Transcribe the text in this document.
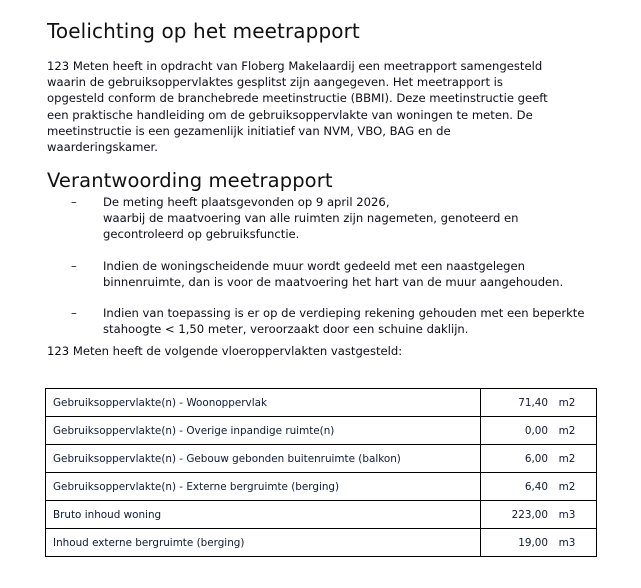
Toelichting op het meetrapport
123 Meten heeft in opdracht van Floberg Makelaardij een meetrapport samengesteld waarin de gebruiksoppervlaktes gesplitst zijn aangegeven. Het meetrapport is opgesteld conform de branchebrede meetinstructie (BBMI). Deze meetinstructie geeft een praktische handleiding om de gebruiksoppervlakte van woningen te meten. De meetinstructie is een gezamenlijk initiatief van NVM, VBO, BAG en de waarderingskamer.
Verantwoording meetrapport
– De meting heeft plaatsgevonden op 9 april 2026,
waarbij de maatvoering van alle ruimten zijn nagemeten, genoteerd en
gecontroleerd op gebruiksfunctie.
– Indien de woningscheidende muur wordt gedeeld met een naastgelegen
binnenruimte, dan is voor de maatvoering het hart van de muur aangehouden.
– Indien van toepassing is er op de verdieping rekening gehouden met een beperkte
stahoogte < 1,50 meter, veroorzaakt door een schuine daklijn.
123 Meten heeft de volgende vloeroppervlakten vastgesteld:
Gebruiksoppervlakte(n) - Woonoppervlak	71,40 m2

Gebruiksoppervlakte(n) - Overige inpandige ruimte(n)	0,00 m2

Gebruiksoppervlakte(n) - Gebouw gebonden buitenruimte (balkon)	6,00 m2

Gebruiksoppervlakte(n) - Externe bergruimte (berging)	6,40 m2

Bruto inhoud woning	223,00 m3

Inhoud externe bergruimte (berging)	19,00 m3
